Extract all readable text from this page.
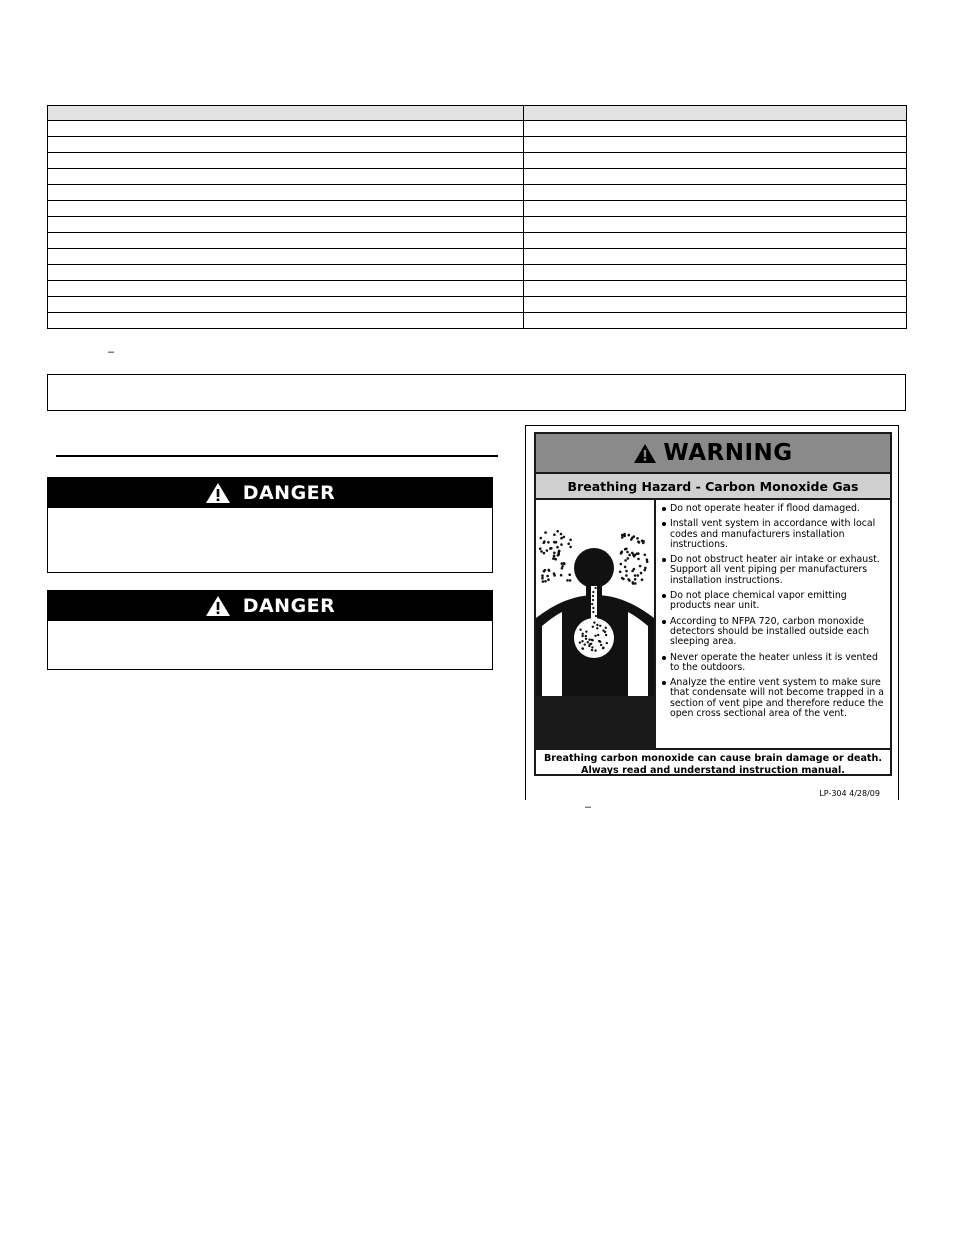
–
DANGER
DANGER
WARNING
Breathing Hazard - Carbon Monoxide Gas
Do not operate heater if flood damaged.
Install vent system in accordance with local codes and manufacturers installation instructions.
Do not obstruct heater air intake or exhaust. Support all vent piping per manufacturers installation instructions.
Do not place chemical vapor emitting products near unit.
According to NFPA 720, carbon monoxide detectors should be installed outside each sleeping area.
Never operate the heater unless it is vented to the outdoors.
Analyze the entire vent system to make sure that condensate will not become trapped in a section of vent pipe and therefore reduce the open cross sectional area of the vent.
Breathing carbon monoxide can cause brain damage or death.
Always read and understand instruction manual.
LP-304 4/28/09
–
